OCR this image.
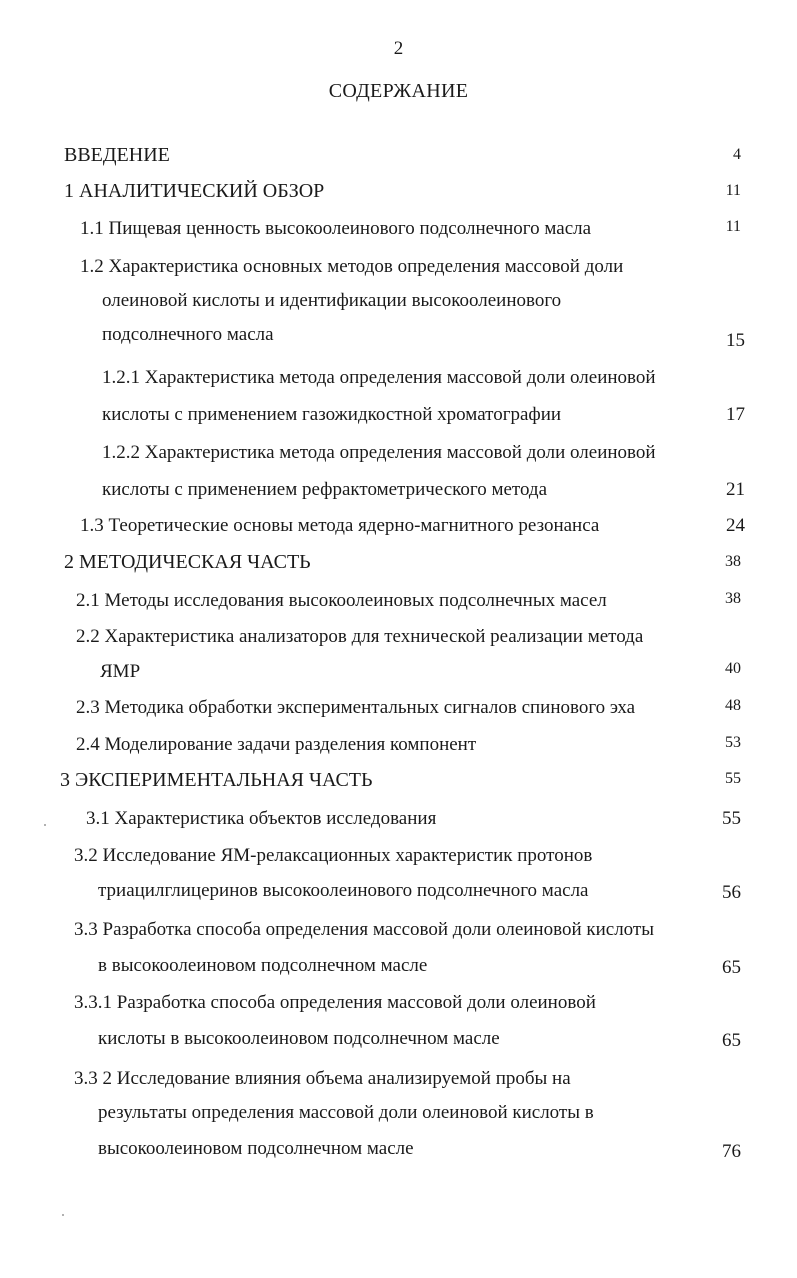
2
СОДЕРЖАНИЕ
ВВЕДЕНИЕ	4
1 АНАЛИТИЧЕСКИЙ ОБЗОР	11
1.1 Пищевая ценность высокоолеинового подсолнечного масла	11
1.2 Характеристика основных методов определения массовой доли
олеиновой кислоты и идентификации высокоолеинового
подсолнечного масла	15
1.2.1 Характеристика метода определения массовой доли олеиновой
кислоты с применением газожидкостной хроматографии	17
1.2.2 Характеристика метода определения массовой доли олеиновой
кислоты с применением рефрактометрического метода	21
1.3 Теоретические основы метода ядерно-магнитного резонанса	24
2 МЕТОДИЧЕСКАЯ ЧАСТЬ	38
2.1 Методы исследования высокоолеиновых подсолнечных масел	38
2.2 Характеристика анализаторов для технической реализации метода
ЯМР	40
2.3 Методика обработки экспериментальных сигналов спинового эха	48
2.4 Моделирование задачи разделения компонент	53
3 ЭКСПЕРИМЕНТАЛЬНАЯ ЧАСТЬ	55
3.1 Характеристика объектов исследования	55
3.2 Исследование ЯМ-релаксационных характеристик протонов
триацилглицеринов высокоолеинового подсолнечного масла	56
3.3 Разработка способа определения массовой доли олеиновой кислоты
в высокоолеиновом подсолнечном масле	65
3.3.1 Разработка способа определения массовой доли олеиновой
кислоты в высокоолеиновом подсолнечном масле	65
3.3 2 Исследование влияния объема анализируемой пробы на
результаты определения массовой доли олеиновой кислоты в
высокоолеиновом подсолнечном масле	76
